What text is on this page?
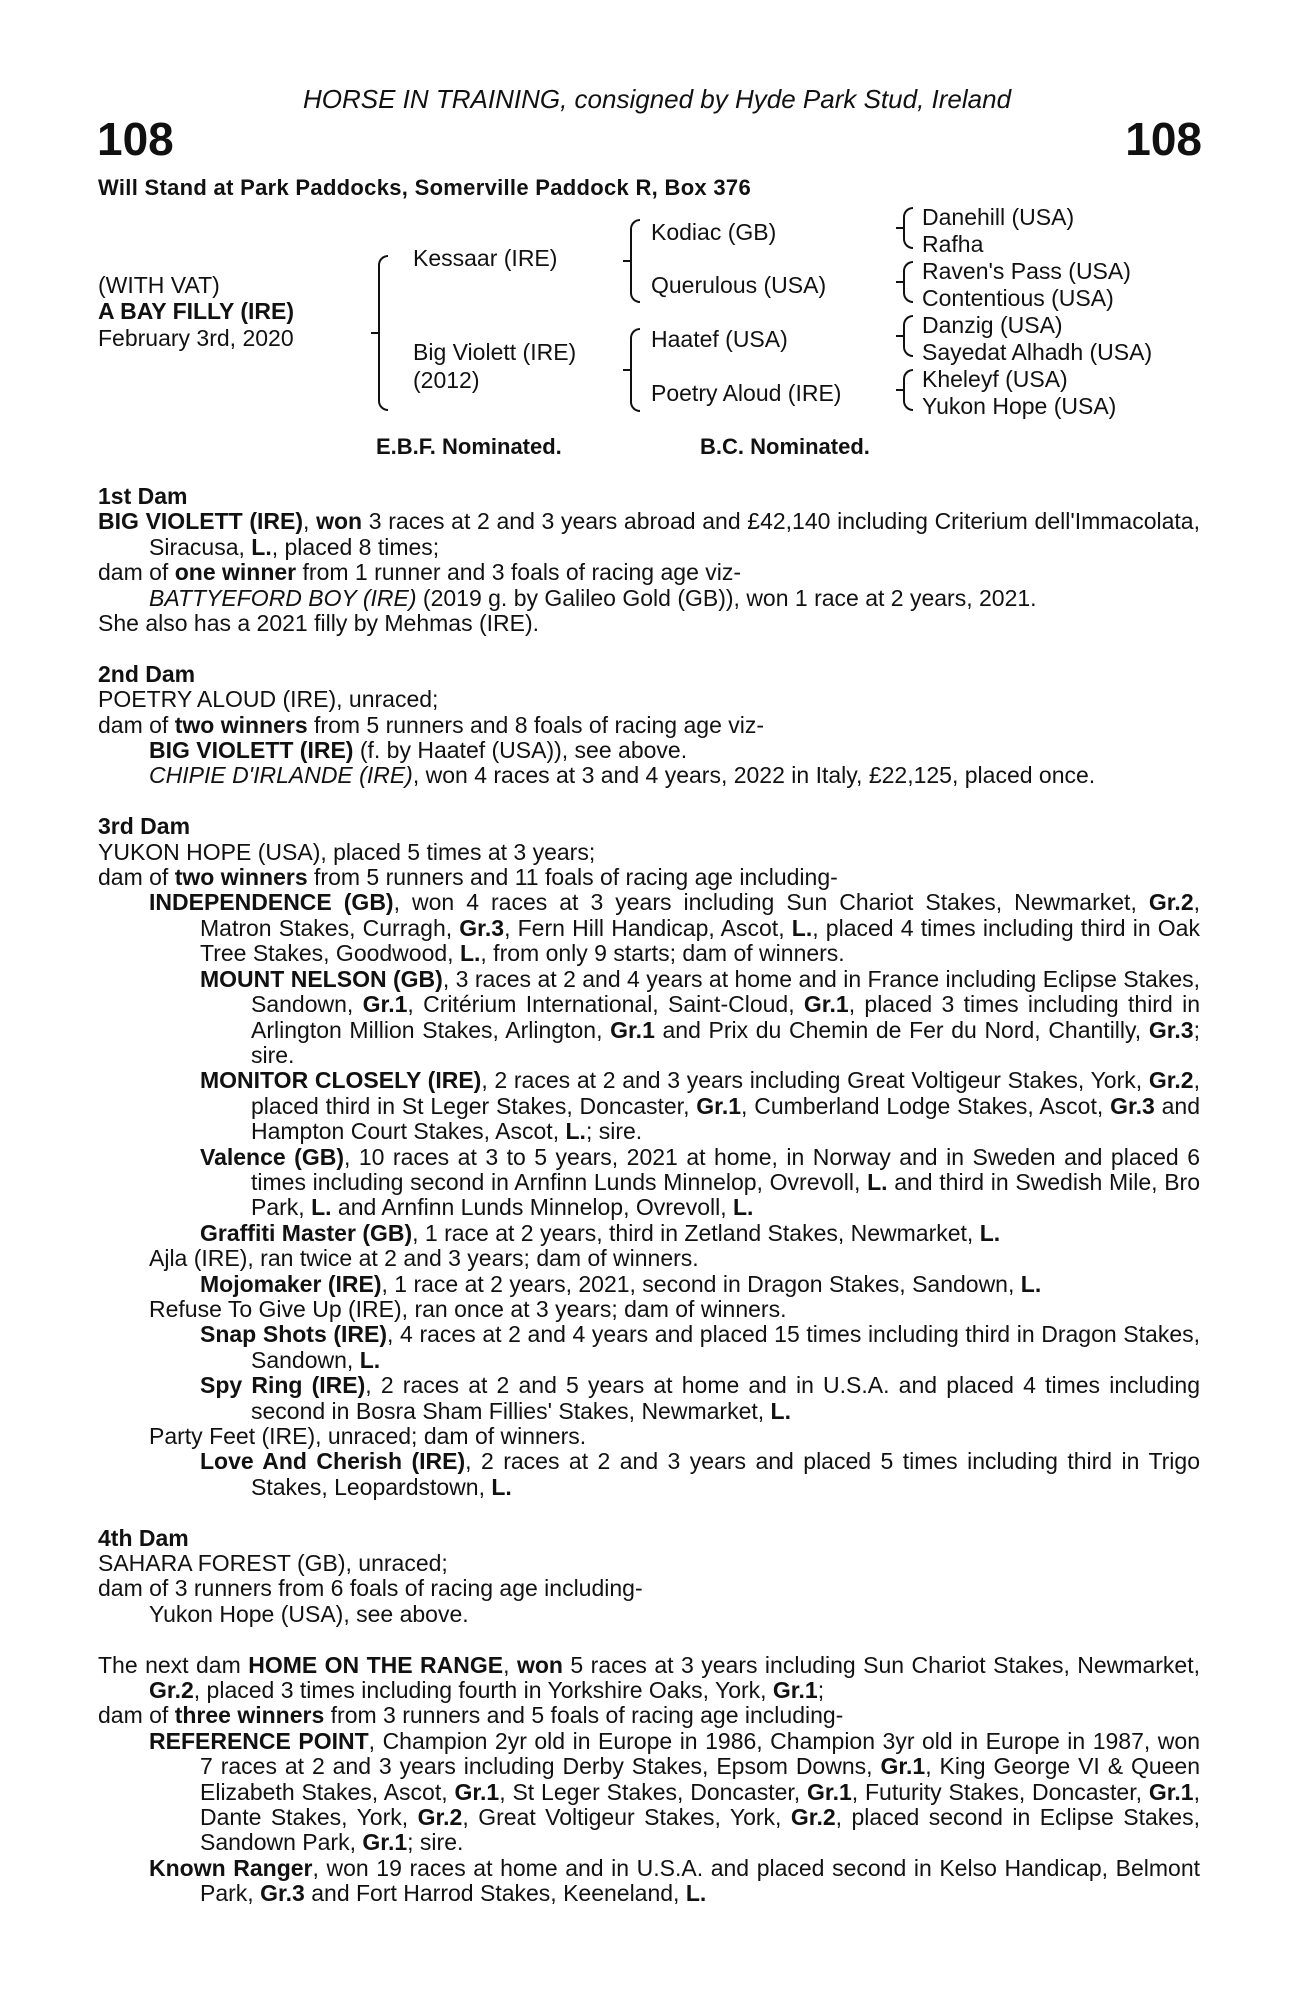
HORSE IN TRAINING, consigned by Hyde Park Stud, Ireland
108	108
Will Stand at Park Paddocks, Somerville Paddock R, Box 376
(WITH VAT)
A BAY FILLY (IRE)
February 3rd, 2020
Kessaar (IRE)
Big Violett (IRE)
(2012)
Kodiac (GB)
Querulous (USA)
Haatef (USA)
Poetry Aloud (IRE)
Danehill (USA)
Rafha
Raven's Pass (USA)
Contentious (USA)
Danzig (USA)
Sayedat Alhadh (USA)
Kheleyf (USA)
Yukon Hope (USA)
E.B.F. Nominated.	B.C. Nominated.
1st Dam
BIG VIOLETT (IRE), won 3 races at 2 and 3 years abroad and £42,140 including Criterium dell'Immacolata, Siracusa, L., placed 8 times;
dam of one winner from 1 runner and 3 foals of racing age viz-
BATTYEFORD BOY (IRE) (2019 g. by Galileo Gold (GB)), won 1 race at 2 years, 2021.
She also has a 2021 filly by Mehmas (IRE).
2nd Dam
POETRY ALOUD (IRE), unraced;
dam of two winners from 5 runners and 8 foals of racing age viz-
BIG VIOLETT (IRE) (f. by Haatef (USA)), see above.
CHIPIE D'IRLANDE (IRE), won 4 races at 3 and 4 years, 2022 in Italy, £22,125, placed once.
3rd Dam
YUKON HOPE (USA), placed 5 times at 3 years;
dam of two winners from 5 runners and 11 foals of racing age including-
INDEPENDENCE (GB), won 4 races at 3 years including Sun Chariot Stakes, Newmarket, Gr.2, Matron Stakes, Curragh, Gr.3, Fern Hill Handicap, Ascot, L., placed 4 times including third in Oak Tree Stakes, Goodwood, L., from only 9 starts; dam of winners.
MOUNT NELSON (GB), 3 races at 2 and 4 years at home and in France including Eclipse Stakes, Sandown, Gr.1, Critérium International, Saint-Cloud, Gr.1, placed 3 times including third in Arlington Million Stakes, Arlington, Gr.1 and Prix du Chemin de Fer du Nord, Chantilly, Gr.3; sire.
MONITOR CLOSELY (IRE), 2 races at 2 and 3 years including Great Voltigeur Stakes, York, Gr.2, placed third in St Leger Stakes, Doncaster, Gr.1, Cumberland Lodge Stakes, Ascot, Gr.3 and Hampton Court Stakes, Ascot, L.; sire.
Valence (GB), 10 races at 3 to 5 years, 2021 at home, in Norway and in Sweden and placed 6 times including second in Arnfinn Lunds Minnelop, Ovrevoll, L. and third in Swedish Mile, Bro Park, L. and Arnfinn Lunds Minnelop, Ovrevoll, L.
Graffiti Master (GB), 1 race at 2 years, third in Zetland Stakes, Newmarket, L.
Ajla (IRE), ran twice at 2 and 3 years; dam of winners.
Mojomaker (IRE), 1 race at 2 years, 2021, second in Dragon Stakes, Sandown, L.
Refuse To Give Up (IRE), ran once at 3 years; dam of winners.
Snap Shots (IRE), 4 races at 2 and 4 years and placed 15 times including third in Dragon Stakes, Sandown, L.
Spy Ring (IRE), 2 races at 2 and 5 years at home and in U.S.A. and placed 4 times including second in Bosra Sham Fillies' Stakes, Newmarket, L.
Party Feet (IRE), unraced; dam of winners.
Love And Cherish (IRE), 2 races at 2 and 3 years and placed 5 times including third in Trigo Stakes, Leopardstown, L.
4th Dam
SAHARA FOREST (GB), unraced;
dam of 3 runners from 6 foals of racing age including-
Yukon Hope (USA), see above.
The next dam HOME ON THE RANGE, won 5 races at 3 years including Sun Chariot Stakes, Newmarket, Gr.2, placed 3 times including fourth in Yorkshire Oaks, York, Gr.1;
dam of three winners from 3 runners and 5 foals of racing age including-
REFERENCE POINT, Champion 2yr old in Europe in 1986, Champion 3yr old in Europe in 1987, won 7 races at 2 and 3 years including Derby Stakes, Epsom Downs, Gr.1, King George VI & Queen Elizabeth Stakes, Ascot, Gr.1, St Leger Stakes, Doncaster, Gr.1, Futurity Stakes, Doncaster, Gr.1, Dante Stakes, York, Gr.2, Great Voltigeur Stakes, York, Gr.2, placed second in Eclipse Stakes, Sandown Park, Gr.1; sire.
Known Ranger, won 19 races at home and in U.S.A. and placed second in Kelso Handicap, Belmont Park, Gr.3 and Fort Harrod Stakes, Keeneland, L.
